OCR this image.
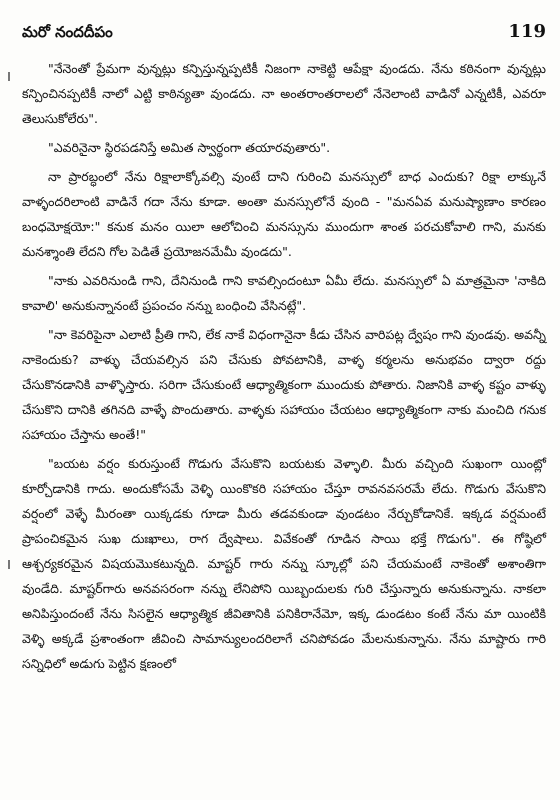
మరో నందదీపం	119

"నేనెంతో ప్రేమగా వున్నట్లు కన్పిస్తున్నప్పటికీ నిజంగా నాకెట్టి ఆపేక్షా వుండదు. నేను కఠినంగా వున్నట్లు కన్పించినప్పటికీ నాలో ఎట్టి కాఠిన్యతా వుండదు. నా అంతరాంతరాలలో నేనెలాంటి వాడినో ఎన్నటికీ, ఎవరూ తెలుసుకోలేరు".

"ఎవరినైనా స్థిరపడనిస్తే అమిత స్వార్థంగా తయారవుతారు".

నా ప్రారబ్ధంలో నేను రిక్షాలాక్కోవల్సి వుంటే దాని గురించి మనస్సులో బాధ ఎందుకు? రిక్షా లాక్కునే వాళ్ళందరిలాంటి వాడినే గదా నేను కూడా. అంతా మనస్సులోనే వుంది - "మనఏవ మనుష్యాణాం కారణం బంధమోక్షయో:" కనుక మనం యిలా ఆలోచించి మనస్సును ముందుగా శాంత పరచుకోవాలి గాని, మనకు మనశ్శాంతి లేదని గోల పెడితే ప్రయోజనమేమీ వుండదు".

"నాకు ఎవరినుండి గాని, దేనినుండి గాని కావల్సిందంటూ ఏమీ లేదు. మనస్సులో ఏ మాత్రమైనా 'నాకిది కావాలి' అనుకున్నానంటే ప్రపంచం నన్ను బంధించి వేసినట్లే".

"నా కెవరిపైనా ఎలాటి ప్రీతి గాని, లేక నాకే విధంగానైనా కీడు చేసిన వారిపట్ల ద్వేషం గాని వుండవు. అవన్నీ నాకెందుకు? వాళ్ళు చేయవల్సిన పని చేసుకు పోవటానికి, వాళ్ళ కర్మలను అనుభవం ద్వారా రద్దు చేసుకొనడానికి వాళ్ళొస్తారు. సరిగా చేసుకుంటే ఆధ్యాత్మికంగా ముందుకు పోతారు. నిజానికి వాళ్ళ కష్టం వాళ్ళు చేసుకొని దానికి తగినది వాళ్ళే పొందుతారు. వాళ్ళకు సహాయం చేయటం ఆధ్యాత్మికంగా నాకు మంచిది గనుక సహాయం చేస్తాను అంతే!"

"బయట వర్షం కురుస్తుంటే గొడుగు వేసుకొని బయటకు వెళ్ళాలి. మీరు వచ్చింది సుఖంగా యింట్లో కూర్చోడానికి గాదు. అందుకోసమే వెళ్ళి యింకొకరి సహాయం చేస్తూ రావనవసరమే లేదు. గొడుగు వేసుకొని వర్షంలో వెళ్ళే మీరంతా యిక్కడకు గూడా మీరు తడవకుండా వుండటం నేర్చుకోడానికే. ఇక్కడ వర్షమంటే ప్రాపంచికమైన సుఖ దుఃఖాలు, రాగ ద్వేషాలు. వివేకంతో గూడిన సాయి భక్తే గొడుగు". ఈ గోష్ఠిలో ఆశ్చర్యకరమైన విషయమొకటున్నది. మాష్టర్ గారు నన్ను స్కూల్లో పని చేయమంటే నాకెంతో అశాంతిగా వుండేది. మాష్టర్‌గారు అనవసరంగా నన్ను లేనిపోని యిబ్బందులకు గురి చేస్తున్నారు అనుకున్నాను. నాకలా అనిపిస్తుందంటే నేను సిసలైన ఆధ్యాత్మిక జీవితానికి పనికిరానేమో, ఇక్క డుండటం కంటే నేను మా యింటికి వెళ్ళి అక్కడే ప్రశాంతంగా జీవించి సామాన్యులందరిలాగే చనిపోవడం మేలనుకున్నాను. నేను మాష్టారు గారి సన్నిధిలో అడుగు పెట్టిన క్షణంలో
